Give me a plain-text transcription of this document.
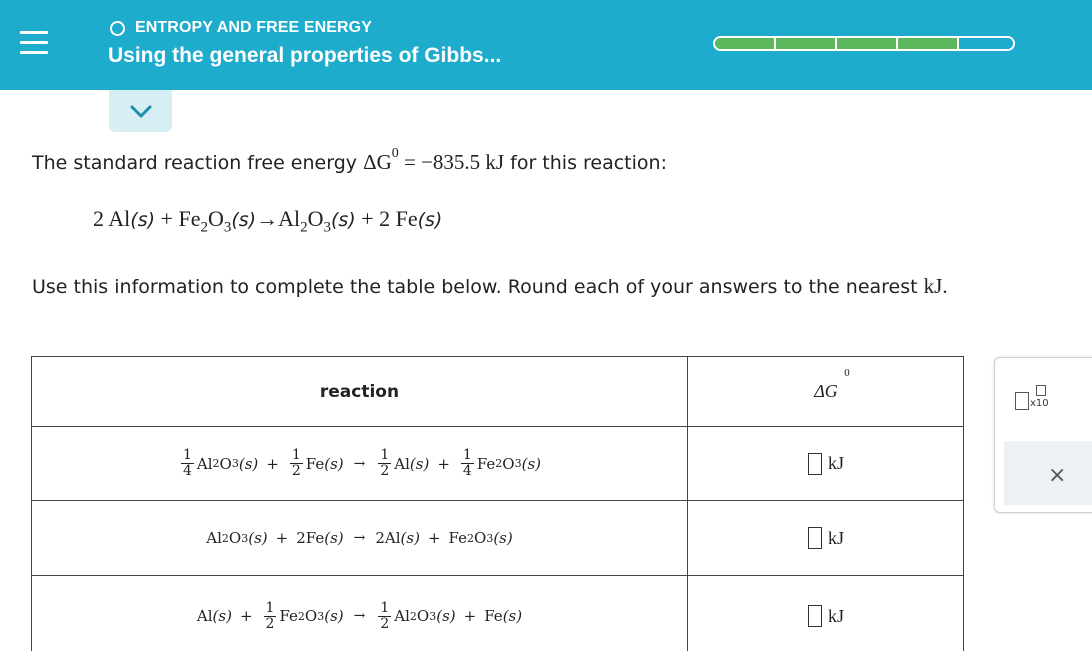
ENTROPY AND FREE ENERGY
Using the general properties of Gibbs...
The standard reaction free energy $\Delta G^0 = -835.5$ kJ for this reaction:
2 $Al(s) + Fe_2O_3(s)\to Al_2O_3(s) + 2$ Fe(s)
Use this information to complete the table below. Round each of your answers to the nearest kJ.
reaction	ΔG
0
$\frac{1}{4}$ Al 2 O 3 $(s) + \frac{1}{2}$ Fe $(s) \to \frac{1}{2}$ Al $(s) + \frac{1}{4}$ Fe 2 O 3 (s)	kJ
Al 2 O 3 (s) + 2Fe (s) → 2Al (s) + Fe 2 O 3 (s)	kJ
Al $(s) + \frac{1}{2}$ Fe 2 O 3 $(s) \to \frac{1}{2}$ Al 2 O 3 (s) + Fe (s)	kJ
x10
×
